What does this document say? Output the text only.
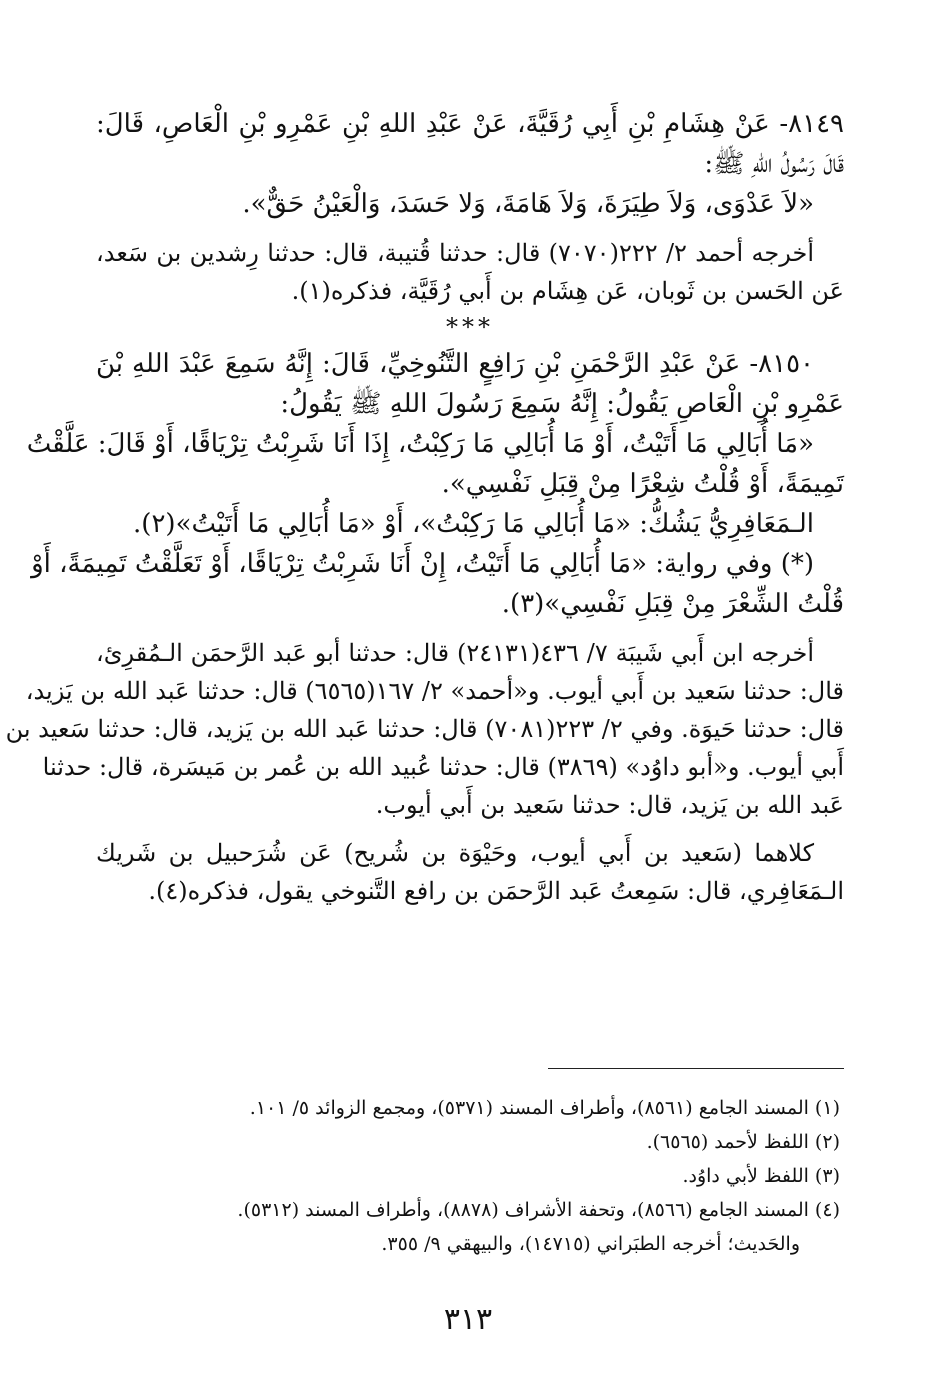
٨١٤٩- عَنْ هِشَامِ بْنِ أَبِي رُقَيَّةَ، عَنْ عَبْدِ اللهِ بْنِ عَمْرِو بْنِ الْعَاصِ، قَالَ:
قَالَ رَسُولُ اللهِ ﷺ:
«لاَ عَدْوَى، وَلاَ طِيَرَةَ، وَلاَ هَامَةَ، وَلا حَسَدَ، وَالْعَيْنُ حَقٌّ».
أخرجه أحمد ٢/ ٢٢٢(٧٠٧٠) قال: حدثنا قُتيبة، قال: حدثنا رِشدين بن سَعد،
عَن الحَسن بن ثَوبان، عَن هِشَام بن أَبي رُقَيَّة، فذكره(١).
***
٨١٥٠- عَنْ عَبْدِ الرَّحْمَنِ بْنِ رَافِعٍ التَّنُوخِيِّ، قَالَ: إِنَّهُ سَمِعَ عَبْدَ اللهِ بْنَ
عَمْرِو بْنِ الْعَاصِ يَقُولُ: إِنَّهُ سَمِعَ رَسُولَ اللهِ ﷺ يَقُولُ:
«مَا أُبَالِي مَا أَتَيْتُ، أَوْ مَا أُبَالِي مَا رَكِبْتُ، إِذَا أَنَا شَرِبْتُ تِرْيَاقًا، أَوْ قَالَ: عَلَّقْتُ
تَمِيمَةً، أَوْ قُلْتُ شِعْرًا مِنْ قِبَلِ نَفْسِي».
الـمَعَافِرِيُّ يَشُكُّ: «مَا أُبَالِي مَا رَكِبْتُ»، أَوْ «مَا أُبَالِي مَا أَتَيْتُ»(٢).
(*) وفي رواية: «مَا أُبَالِي مَا أَتَيْتُ، إِنْ أَنَا شَرِبْتُ تِرْيَاقًا، أَوْ تَعَلَّقْتُ تَمِيمَةً، أَوْ
قُلْتُ الشِّعْرَ مِنْ قِبَلِ نَفْسِي»(٣).
أخرجه ابن أَبي شَيبَة ٧/ ٤٣٦(٢٤١٣١) قال: حدثنا أبو عَبد الرَّحمَن الـمُقرِئ،
قال: حدثنا سَعيد بن أَبي أيوب. و«أحمد» ٢/ ١٦٧(٦٥٦٥) قال: حدثنا عَبد الله بن يَزيد،
قال: حدثنا حَيوَة. وفي ٢/ ٢٢٣(٧٠٨١) قال: حدثنا عَبد الله بن يَزيد، قال: حدثنا سَعيد بن
أَبي أيوب. و«أبو داوُد» (٣٨٦٩) قال: حدثنا عُبيد الله بن عُمر بن مَيسَرة، قال: حدثنا
عَبد الله بن يَزيد، قال: حدثنا سَعيد بن أَبي أيوب.
كلاهما (سَعيد بن أَبي أيوب، وحَيْوَة بن شُريح) عَن شُرَحبيل بن شَريك
الـمَعَافِري، قال: سَمِعتُ عَبد الرَّحمَن بن رافع التَّنوخي يقول، فذكره(٤).
(١) المسند الجامع (٨٥٦١)، وأطراف المسند (٥٣٧١)، ومجمع الزوائد ٥/ ١٠١.
(٢) اللفظ لأحمد (٦٥٦٥).
(٣) اللفظ لأبي داوُد.
(٤) المسند الجامع (٨٥٦٦)، وتحفة الأشراف (٨٨٧٨)، وأطراف المسند (٥٣١٢).
والحَديث؛ أخرجه الطبَراني (١٤٧١٥)، والبيهقي ٩/ ٣٥٥.
٣١٣
